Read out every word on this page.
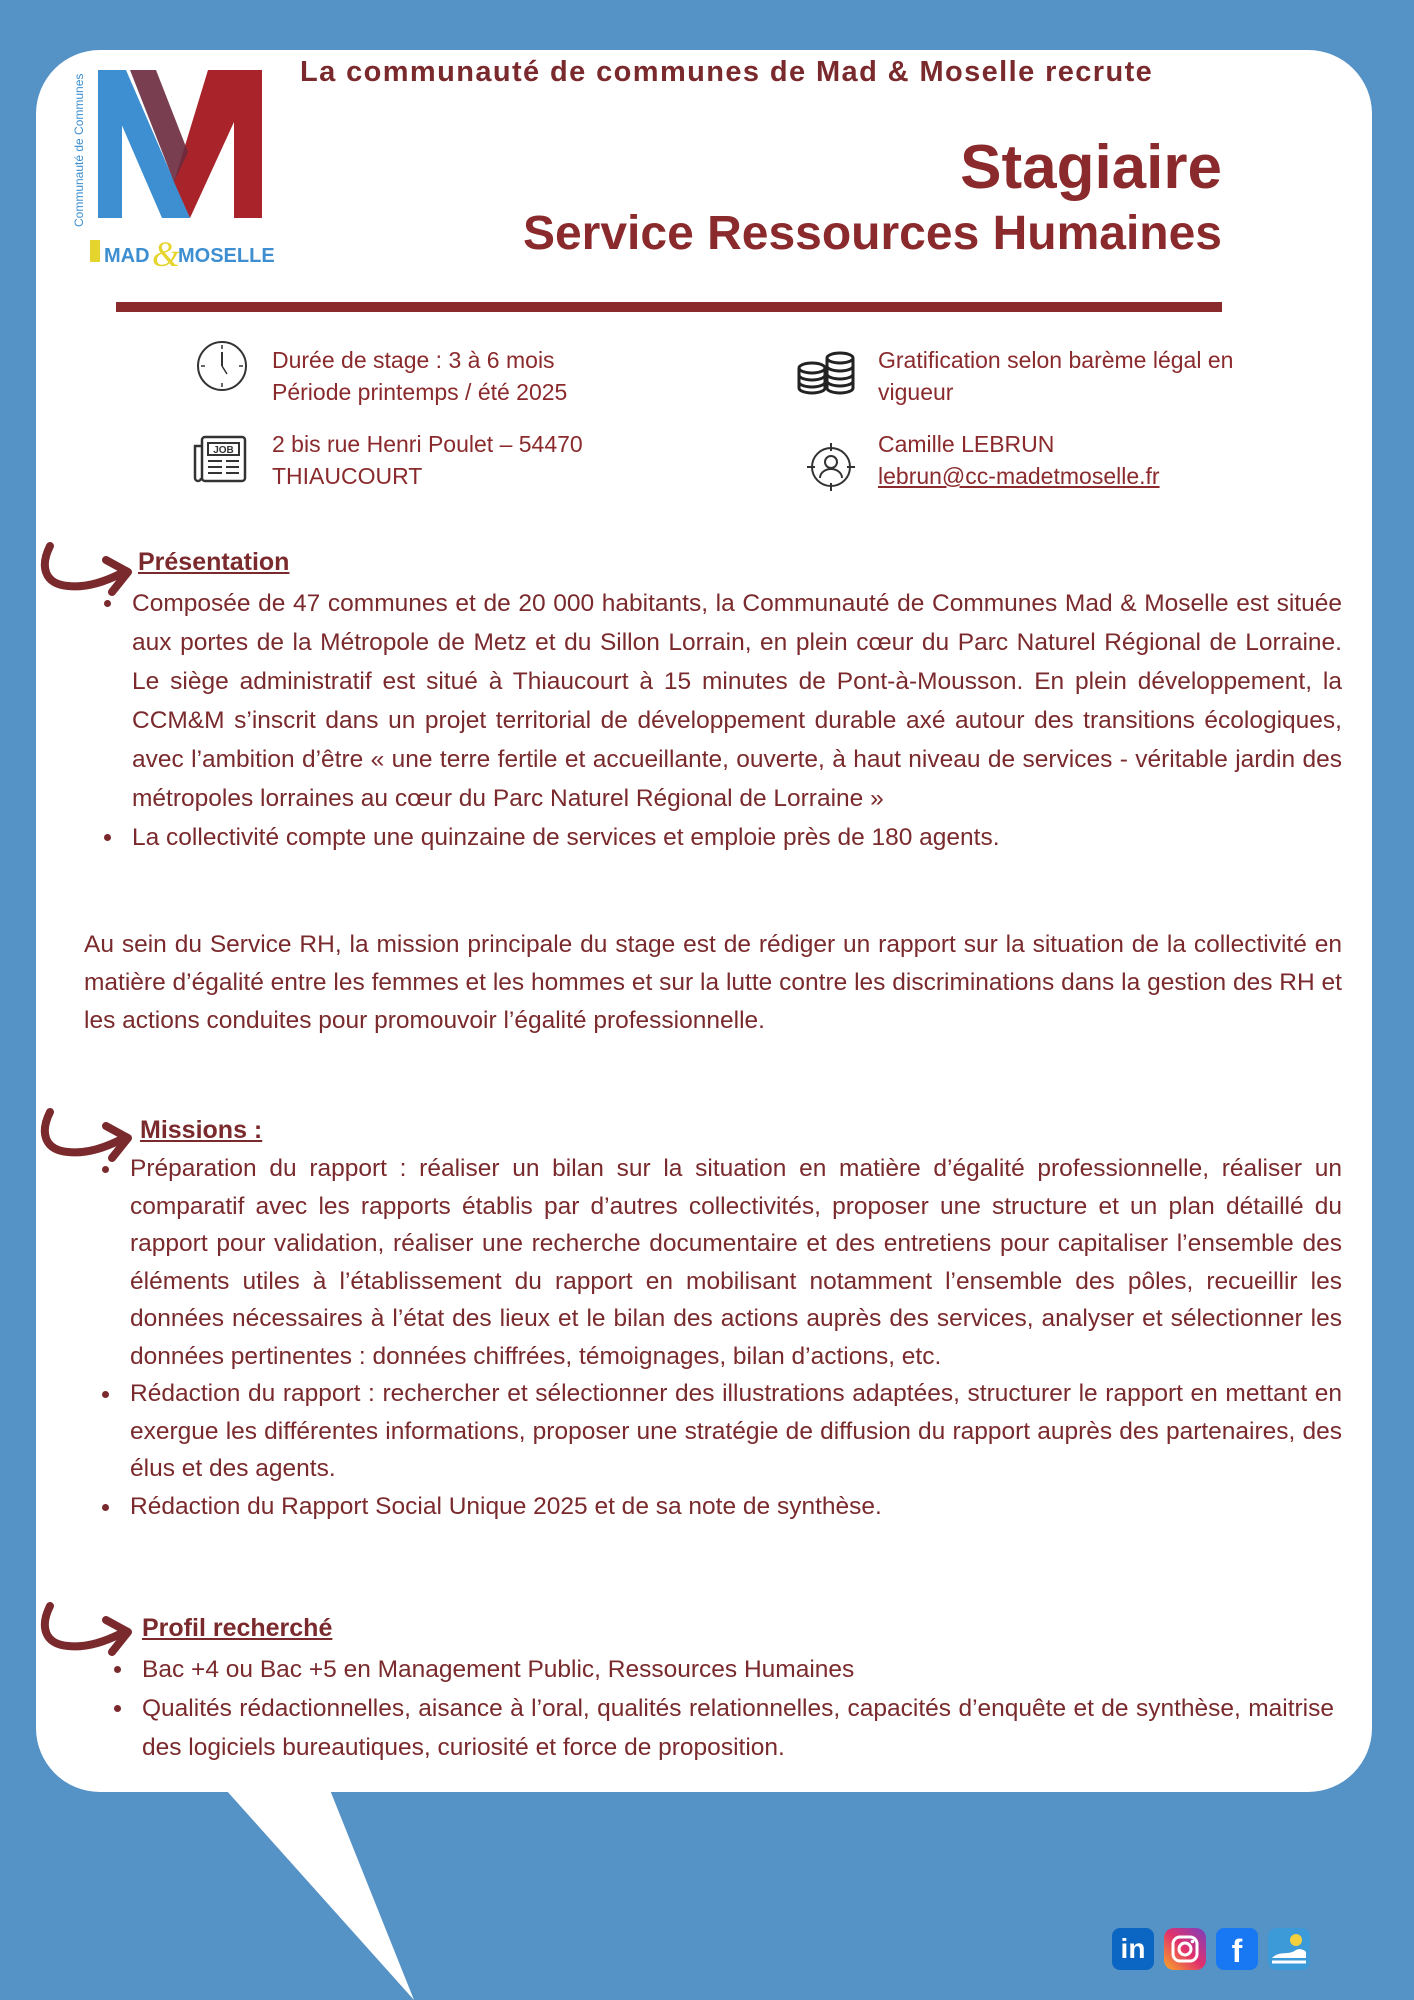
Communauté de Communes
MAD &
MOSELLE
La communauté de communes de Mad & Moselle recrute
Stagiaire
Service Ressources Humaines
Durée de stage : 3 à 6 mois
Période printemps / été 2025
Gratification selon barème légal en
vigueur
JOB 2 bis rue Henri Poulet – 54470
THIAUCOURT
Camille LEBRUN
lebrun@cc-madetmoselle.fr
Présentation
Composée de 47 communes et de 20 000 habitants, la Communauté de Communes Mad & Moselle est située aux portes de la Métropole de Metz et du Sillon Lorrain, en plein cœur du Parc Naturel Régional de Lorraine. Le siège administratif est situé à Thiaucourt à 15 minutes de Pont-à-Mousson. En plein développement, la CCM&M s’inscrit dans un projet territorial de développement durable axé autour des transitions écologiques, avec l’ambition d’être « une terre fertile et accueillante, ouverte, à haut niveau de services - véritable jardin des métropoles lorraines au cœur du Parc Naturel Régional de Lorraine »
La collectivité compte une quinzaine de services et emploie près de 180 agents.
Au sein du Service RH, la mission principale du stage est de rédiger un rapport sur la situation de la collectivité en matière d’égalité entre les femmes et les hommes et sur la lutte contre les discriminations dans la gestion des RH et les actions conduites pour promouvoir l’égalité professionnelle.
Missions :
Préparation du rapport : réaliser un bilan sur la situation en matière d’égalité professionnelle, réaliser un comparatif avec les rapports établis par d’autres collectivités, proposer une structure et un plan détaillé du rapport pour validation, réaliser une recherche documentaire et des entretiens pour capitaliser l’ensemble des éléments utiles à l’établissement du rapport en mobilisant notamment l’ensemble des pôles, recueillir les données nécessaires à l’état des lieux et le bilan des actions auprès des services, analyser et sélectionner les données pertinentes : données chiffrées, témoignages, bilan d’actions, etc.
Rédaction du rapport : rechercher et sélectionner des illustrations adaptées, structurer le rapport en mettant en exergue les différentes informations, proposer une stratégie de diffusion du rapport auprès des partenaires, des élus et des agents.
Rédaction du Rapport Social Unique 2025 et de sa note de synthèse.
Profil recherché
Bac +4 ou Bac +5 en Management Public, Ressources Humaines
Qualités rédactionnelles, aisance à l’oral, qualités relationnelles, capacités d’enquête et de synthèse, maitrise des logiciels bureautiques, curiosité et force de proposition.
in	f
